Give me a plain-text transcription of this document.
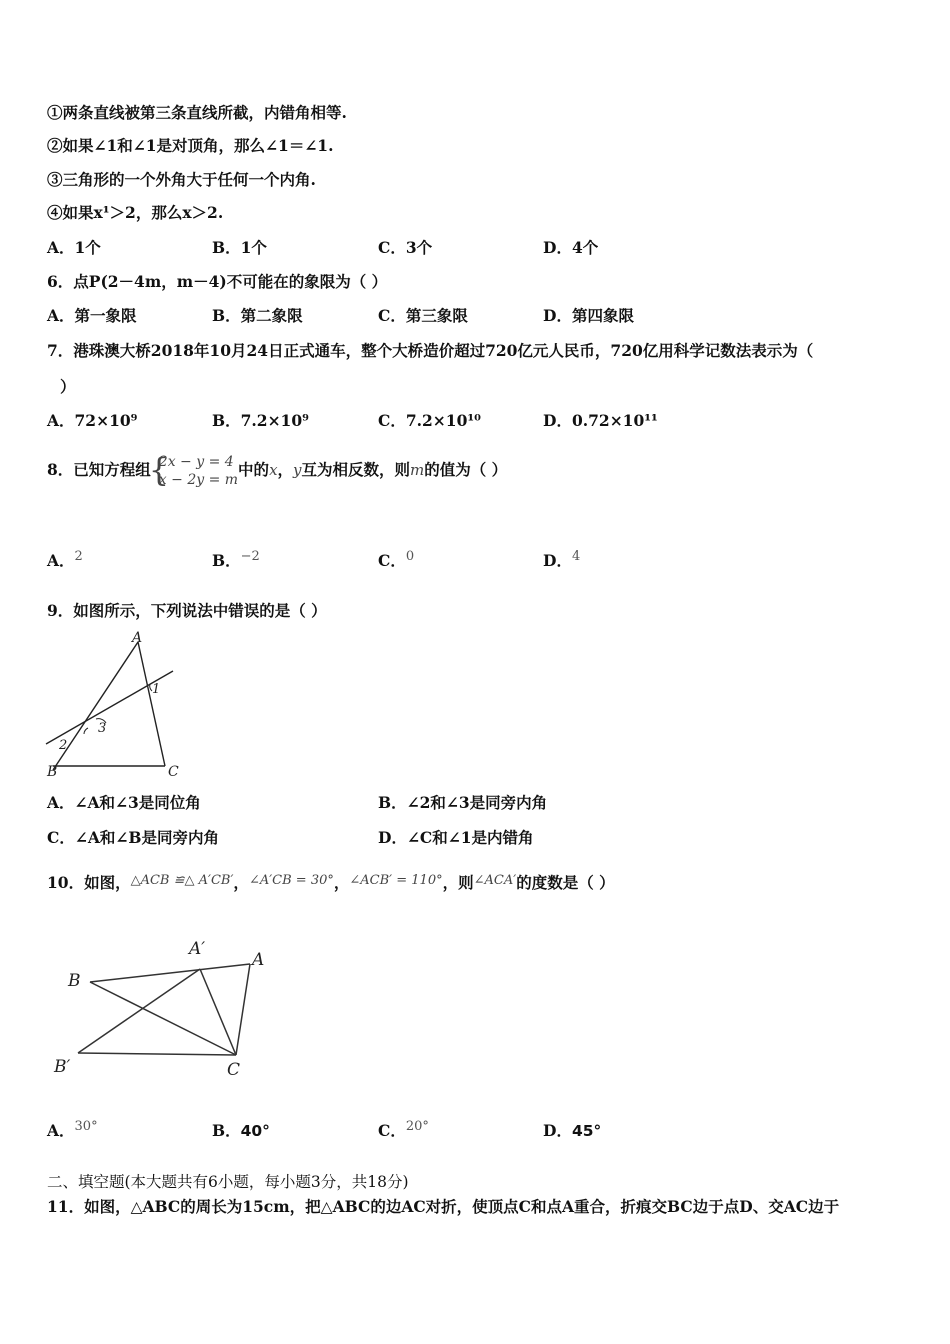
①两条直线被第三条直线所截，内错角相等.
②如果∠1和∠1是对顶角，那么∠1＝∠1.
③三角形的一个外角大于任何一个内角.
④如果x¹＞2，那么x＞2.
A．1个	B．1个	C．3个	D．4个
6．点P(2－4m，m－4)不可能在的象限为（ ）
A．第一象限	B．第二象限	C．第三象限	D．第四象限
7．港珠澳大桥2018年10月24日正式通车，整个大桥造价超过720亿元人民币，720亿用科学记数法表示为（
）
A．72×10⁹	B．7.2×10⁹	C．7.2×10¹⁰	D．0.72×10¹¹
8．已知方程组
{ 2x − y = 4
x − 2y = m
中的x，y互为相反数，则m的值为（ ）
A．$^2$	B．$^{-2}$	C．$^0$	D．$^4$
9．如图所示，下列说法中错误的是（ ）
A
B	C
1
2
3
A．∠A和∠3是同位角	B．∠2和∠3是同旁内角
C．∠A和∠B是同旁内角	D．∠C和∠1是内错角
10．如图，$^{\triangle ACB ≌\triangle A'CB'}$，$^{\angle A'CB = 30^\circ}$，$^{\angle ACB' = 110^\circ}$，则$^{\angle ACA'}$的度数是（ ）
B
A′
A
B′	C
A．$^{30^\circ}$	B．40°	C．$^{20^\circ}$	D．45°
二、填空题(本大题共有6小题，每小题3分，共18分)
11．如图，△ABC的周长为15cm，把△ABC的边AC对折，使顶点C和点A重合，折痕交BC边于点D、交AC边于
